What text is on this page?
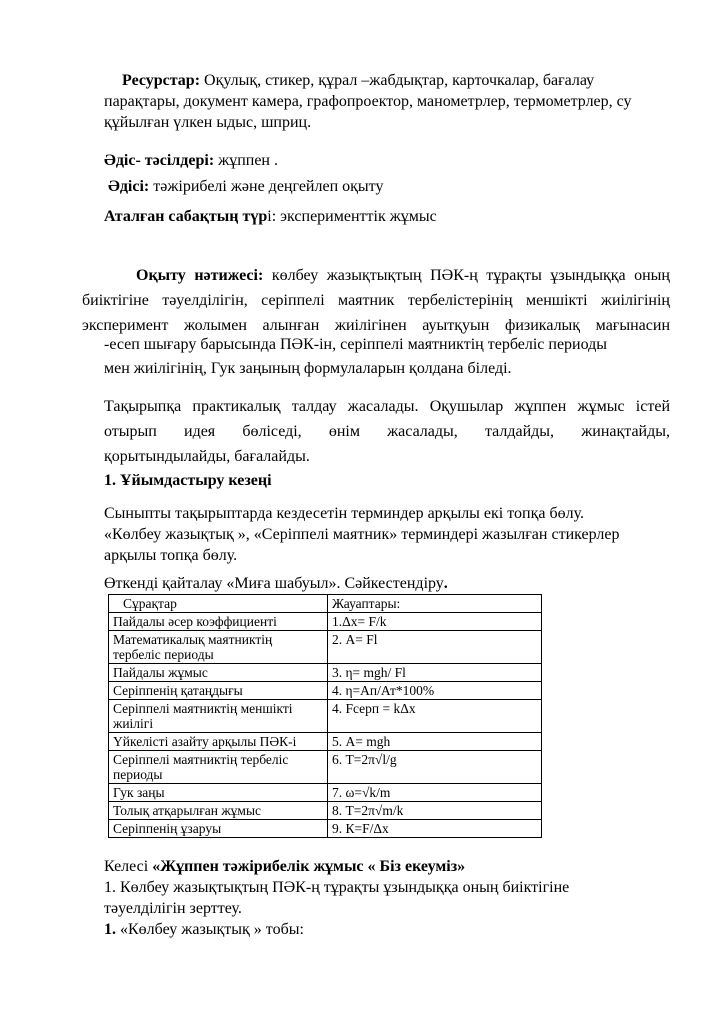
Ресурстар: Оқулық, стикер, құрал –жабдықтар, карточкалар, бағалау
парақтары, документ камера, графопроектор, манометрлер, термометрлер, су
құйылған үлкен ыдыс, шприц.
Әдіс- тәсілдері: жұппен .
Әдісі: тәжірибелі және деңгейлеп оқыту
Аталған сабақтың түрі: эксперименттік жұмыс
Оқыту нәтижесі: көлбеу жазықтықтың ПӘК-ң тұрақты ұзындыққа оның
биіктігіне тәуелділігін, серіппелі маятник тербелістерінің меншікті жиілігінің
эксперимент жолымен алынған жиілігінен ауытқуын физикалық мағынасин
-есеп шығару барысында ПӘК-ін, серіппелі маятниктің тербеліс периоды
мен жиілігінің, Гук заңының формулаларын қолдана біледі.
Тақырыпқа практикалық талдау жасалады. Оқушылар жұппен жұмыс істей
отырып идея бөліседі, өнім жасалады, талдайды, жинақтайды,
қорытындылайды, бағалайды.
1. Ұйымдастыру кезеңі
Сыныпты тақырыптарда кездесетін терминдер арқылы екі топқа бөлу.
«Көлбеу жазықтық », «Серіппелі маятник» терминдері жазылған стикерлер
арқылы топқа бөлу.
Өткенді қайталау «Миға шабуыл». Сәйкестендіру.
Сұрақтар	Жауаптары:
Пайдалы әсер коэффициенті	1.Δх= F/k
Математикалық маятниктің тербеліс периоды	2. А= Fl
Пайдалы жұмыс	3. η= mgh/ Fl
Серіппенің қатаңдығы	4. η=Ап/Ат*100%
Серіппелі маятниктің меншікті жиілігі	4. Fсерп = kΔх
Үйкелісті азайту арқылы ПӘК-і	5. А= mgh
Серіппелі маятниктің тербеліс периоды	6. Т=2π√l/g
Гук заңы	7. ω=√k/m
Толық атқарылған жұмыс	8. Т=2π√m/k
Серіппенің ұзаруы	9. К=F/Δх
Келесі «Жұппен тәжірибелік жұмыс « Біз екеуміз»
1. Көлбеу жазықтықтың ПӘК-ң тұрақты ұзындыққа оның биіктігіне
тәуелділігін зерттеу.
1. «Көлбеу жазықтық » тобы:
